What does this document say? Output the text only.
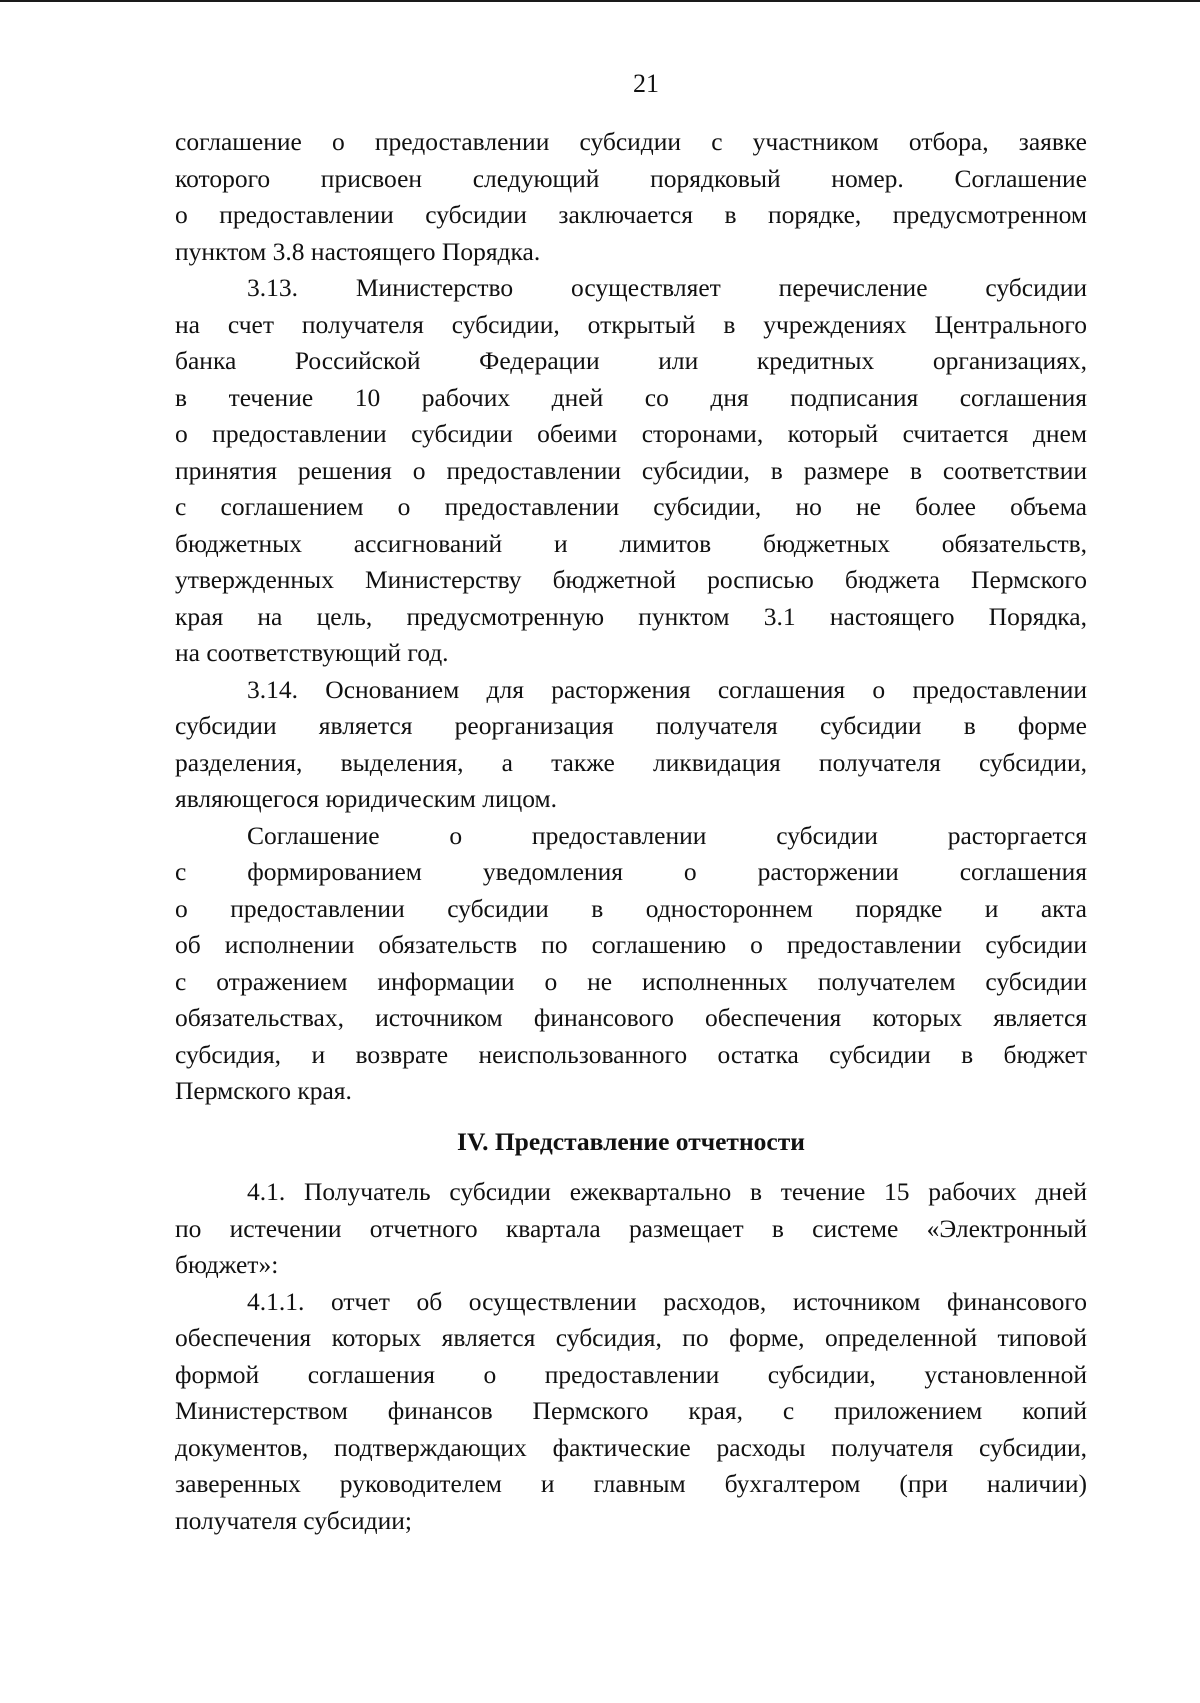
21
соглашение о предоставлении субсидии с участником отбора, заявке
которого присвоен следующий порядковый номер. Соглашение
о предоставлении субсидии заключается в порядке, предусмотренном
пунктом 3.8 настоящего Порядка.
3.13. Министерство осуществляет перечисление субсидии
на счет получателя субсидии, открытый в учреждениях Центрального
банка Российской Федерации или кредитных организациях,
в течение 10 рабочих дней со дня подписания соглашения
о предоставлении субсидии обеими сторонами, который считается днем
принятия решения о предоставлении субсидии, в размере в соответствии
с соглашением о предоставлении субсидии, но не более объема
бюджетных ассигнований и лимитов бюджетных обязательств,
утвержденных Министерству бюджетной росписью бюджета Пермского
края на цель, предусмотренную пунктом 3.1 настоящего Порядка,
на соответствующий год.
3.14. Основанием для расторжения соглашения о предоставлении
субсидии является реорганизация получателя субсидии в форме
разделения, выделения, а также ликвидация получателя субсидии,
являющегося юридическим лицом.
Соглашение о предоставлении субсидии расторгается
с формированием уведомления о расторжении соглашения
о предоставлении субсидии в одностороннем порядке и акта
об исполнении обязательств по соглашению о предоставлении субсидии
с отражением информации о не исполненных получателем субсидии
обязательствах, источником финансового обеспечения которых является
субсидия, и возврате неиспользованного остатка субсидии в бюджет
Пермского края.
IV. Представление отчетности
4.1. Получатель субсидии ежеквартально в течение 15 рабочих дней
по истечении отчетного квартала размещает в системе «Электронный
бюджет»:
4.1.1. отчет об осуществлении расходов, источником финансового
обеспечения которых является субсидия, по форме, определенной типовой
формой соглашения о предоставлении субсидии, установленной
Министерством финансов Пермского края, с приложением копий
документов, подтверждающих фактические расходы получателя субсидии,
заверенных руководителем и главным бухгалтером (при наличии)
получателя субсидии;
